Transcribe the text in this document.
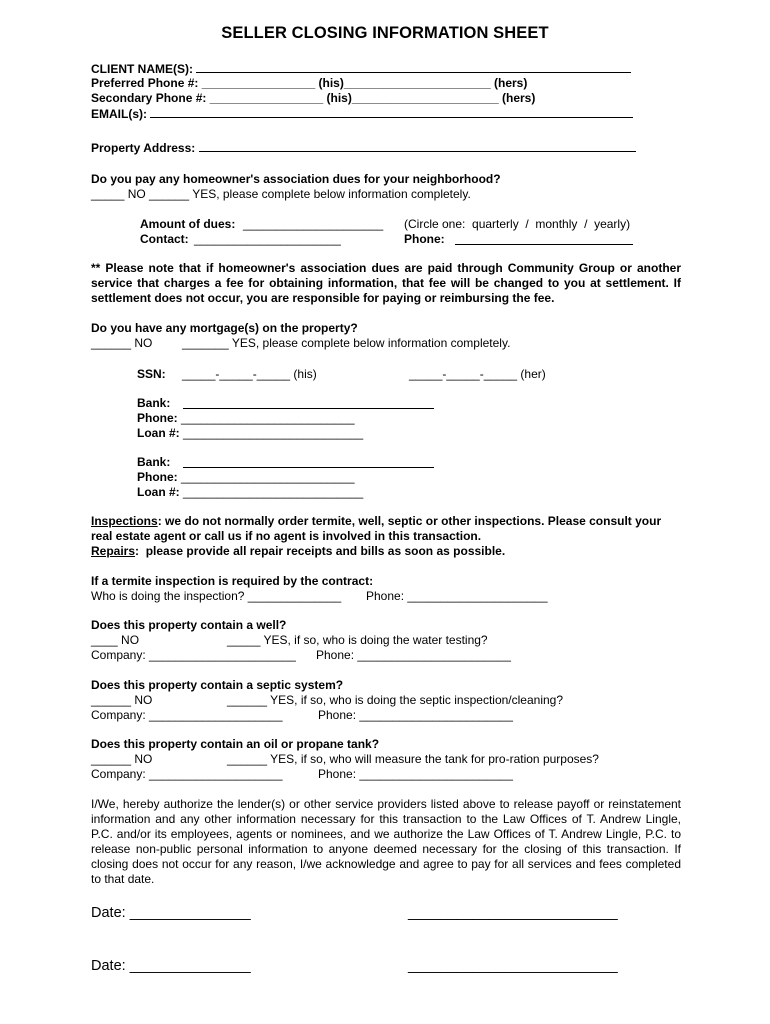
SELLER CLOSING INFORMATION SHEET
CLIENT NAME(S):
Preferred Phone #: _________________ (his)______________________ (hers)
Secondary Phone #: _________________ (his)______________________ (hers)
EMAIL(s):
Property Address:
Do you pay any homeowner's association dues for your neighborhood?
_____ NO ______ YES, please complete below information completely.
Amount of dues: _____________________ (Circle one:  quarterly  /  monthly  /  yearly)
Contact: ______________________	Phone:
** Please note that if homeowner's association dues are paid through Community Group or another service that charges a fee for obtaining information, that fee will be changed to you at settlement. If settlement does not occur, you are responsible for paying or reimbursing the fee.
Do you have any mortgage(s) on the property?
______ NO _______ YES, please complete below information completely.
SSN: _____-_____-_____ (his)	_____-_____-_____ (her)
Bank:
Phone: __________________________
Loan #: ___________________________
Bank:
Phone: __________________________
Loan #: ___________________________
Inspections: we do not normally order termite, well, septic or other inspections. Please consult your real estate agent or call us if no agent is involved in this transaction.
Repairs:  please provide all repair receipts and bills as soon as possible.
If a termite inspection is required by the contract:
Who is doing the inspection? ______________ Phone: _____________________
Does this property contain a well?
____ NO	_____ YES, if so, who is doing the water testing?
Company: ______________________ Phone: _______________________
Does this property contain a septic system?
______ NO	______ YES, if so, who is doing the septic inspection/cleaning?
Company: ____________________	Phone: _______________________
Does this property contain an oil or propane tank?
______ NO	______ YES, if so, who will measure the tank for pro-ration purposes?
Company: ____________________	Phone: _______________________
I/We, hereby authorize the lender(s) or other service providers listed above to release payoff or reinstatement information and any other information necessary for this transaction to the Law Offices of T. Andrew Lingle, P.C. and/or its employees, agents or nominees, and we authorize the Law Offices of T. Andrew Lingle, P.C. to release non-public personal information to anyone deemed necessary for the closing of this transaction. If closing does not occur for any reason, I/we acknowledge and agree to pay for all services and fees completed to that date.
Date: _______________	__________________________
Date: _______________	__________________________
